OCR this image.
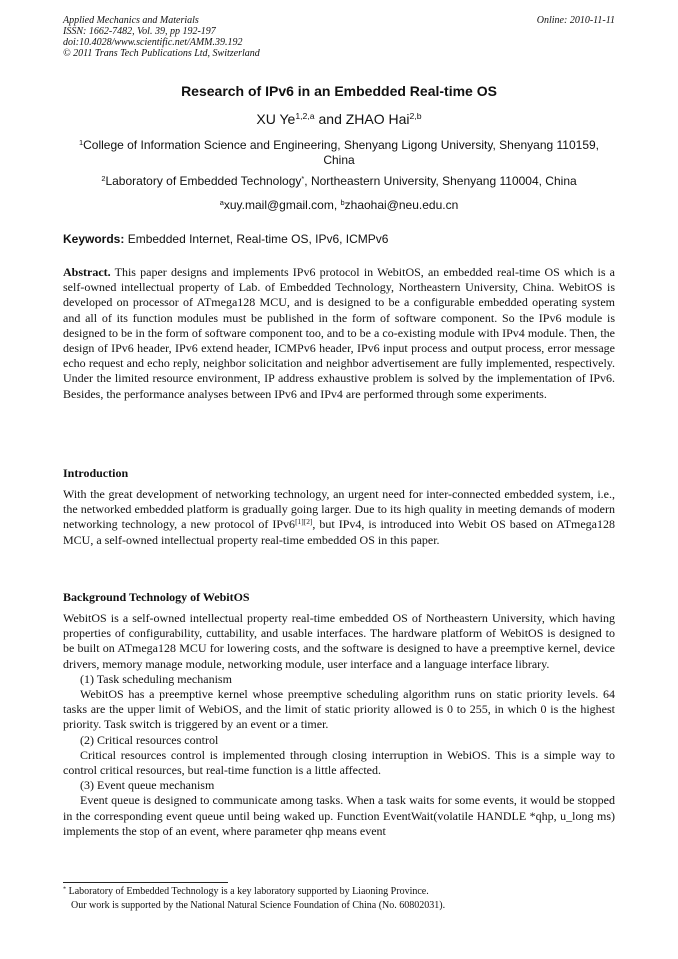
Applied Mechanics and Materials
ISSN: 1662-7482, Vol. 39, pp 192-197
doi:10.4028/www.scientific.net/AMM.39.192
© 2011 Trans Tech Publications Ltd, Switzerland
Online: 2010-11-11
Research of IPv6 in an Embedded Real-time OS
XU Ye$^{1,2,a}$ and ZHAO Hai$^{2,b}$
$^1$College of Information Science and Engineering, Shenyang Ligong University, Shenyang 110159, China
$^2$Laboratory of Embedded Technology*, Northeastern University, Shenyang 110004, China
$^a$xuy.mail@gmail.com, $^b$zhaohai@neu.edu.cn
Keywords: Embedded Internet, Real-time OS, IPv6, ICMPv6
Abstract. This paper designs and implements IPv6 protocol in WebitOS, an embedded real-time OS which is a self-owned intellectual property of Lab. of Embedded Technology, Northeastern University, China. WebitOS is developed on processor of ATmega128 MCU, and is designed to be a configurable embedded operating system and all of its function modules must be published in the form of software component. So the IPv6 module is designed to be in the form of software component too, and to be a co-existing module with IPv4 module. Then, the design of IPv6 header, IPv6 extend header, ICMPv6 header, IPv6 input process and output process, error message echo request and echo reply, neighbor solicitation and neighbor advertisement are fully implemented, respectively. Under the limited resource environment, IP address exhaustive problem is solved by the implementation of IPv6. Besides, the performance analyses between IPv6 and IPv4 are performed through some experiments.
Introduction
With the great development of networking technology, an urgent need for inter-connected embedded system, i.e., the networked embedded platform is gradually going larger. Due to its high quality in meeting demands of modern networking technology, a new protocol of IPv6[1][2], but IPv4, is introduced into Webit OS based on ATmega128 MCU, a self-owned intellectual property real-time embedded OS in this paper.
Background Technology of WebitOS
WebitOS is a self-owned intellectual property real-time embedded OS of Northeastern University, which having properties of configurability, cuttability, and usable interfaces. The hardware platform of WebitOS is designed to be built on ATmega128 MCU for lowering costs, and the software is designed to have a preemptive kernel, device drivers, memory manage module, networking module, user interface and a language interface library.
(1) Task scheduling mechanism
WebitOS has a preemptive kernel whose preemptive scheduling algorithm runs on static priority levels. 64 tasks are the upper limit of WebiOS, and the limit of static priority allowed is 0 to 255, in which 0 is the highest priority. Task switch is triggered by an event or a timer.
(2) Critical resources control
Critical resources control is implemented through closing interruption in WebiOS. This is a simple way to control critical resources, but real-time function is a little affected.
(3) Event queue mechanism
Event queue is designed to communicate among tasks. When a task waits for some events, it would be stopped in the corresponding event queue until being waked up. Function EventWait(volatile HANDLE *qhp, u_long ms) implements the stop of an event, where parameter qhp means event
* Laboratory of Embedded Technology is a key laboratory supported by Liaoning Province.
Our work is supported by the National Natural Science Foundation of China (No. 60802031).
